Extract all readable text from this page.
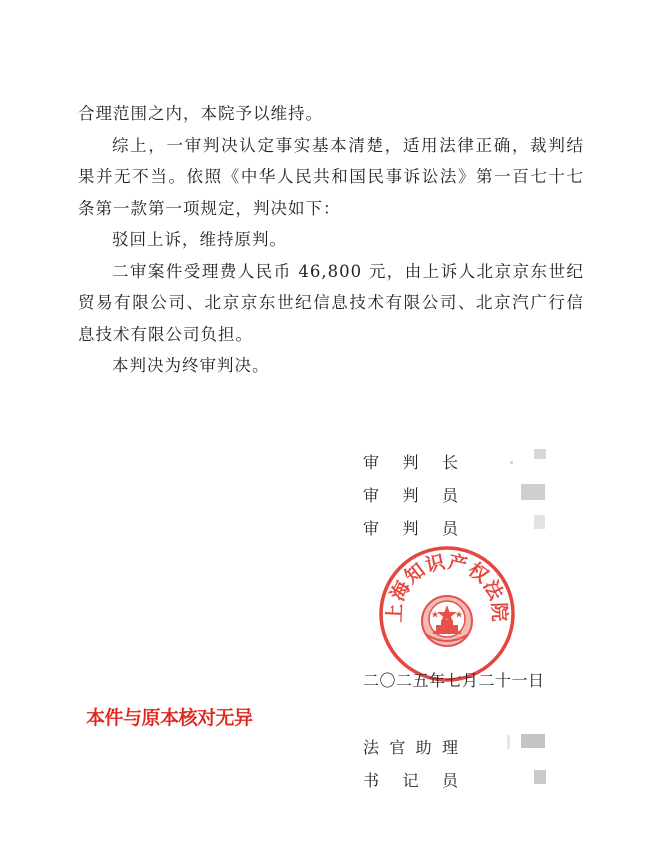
合理范围之内，本院予以维持。

综上，一审判决认定事实基本清楚，适用法律正确，裁判结果并无不当。依照《中华人民共和国民事诉讼法》第一百七十七条第一款第一项规定，判决如下：

驳回上诉，维持原判。

二审案件受理费人民币 46,800 元，由上诉人北京京东世纪贸易有限公司、北京京东世纪信息技术有限公司、北京汽广行信息技术有限公司负担。

本判决为终审判决。

审判长
审判员
审判员
上海知识产权法院
二〇二五年七月二十一日
本件与原本核对无异
法官助理
书记员
